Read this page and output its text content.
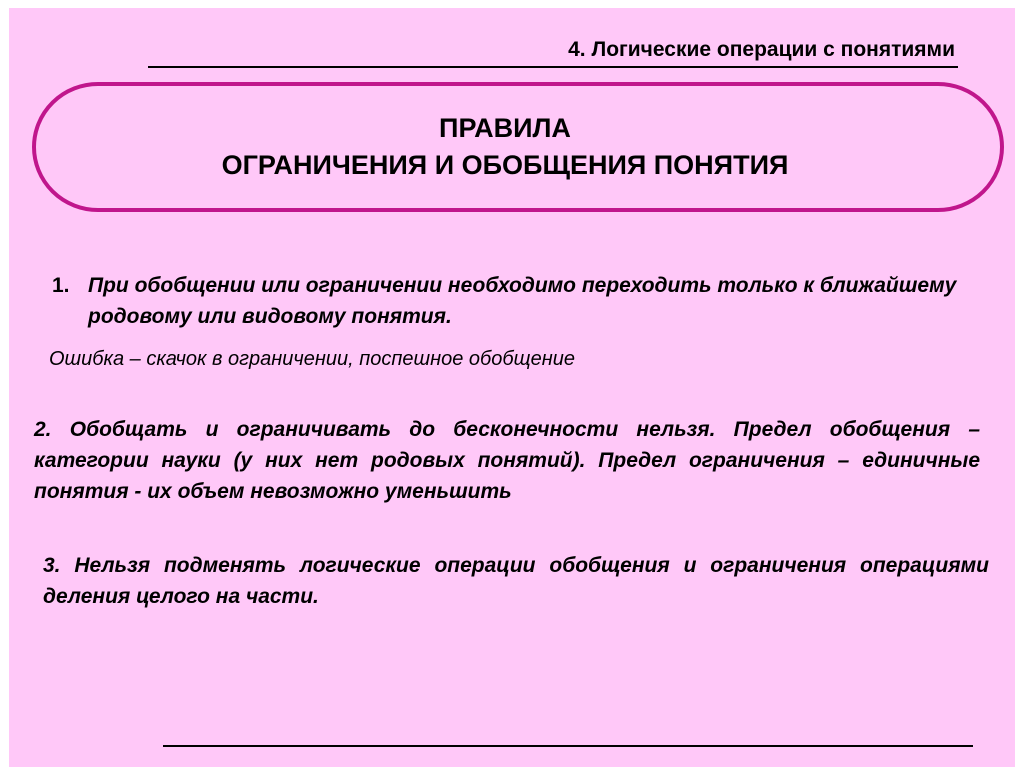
4. Логические операции с понятиями
ПРАВИЛА
ОГРАНИЧЕНИЯ И ОБОБЩЕНИЯ ПОНЯТИЯ
1. При обобщении или ограничении необходимо переходить только к ближайшему родовому или видовому понятия.
Ошибка – скачок в ограничении, поспешное обобщение
2. Обобщать и ограничивать до бесконечности нельзя. Предел обобщения – категории науки (у них нет родовых понятий). Предел ограничения – единичные понятия - их объем невозможно уменьшить
3. Нельзя подменять логические операции обобщения и ограничения операциями деления целого на части.
